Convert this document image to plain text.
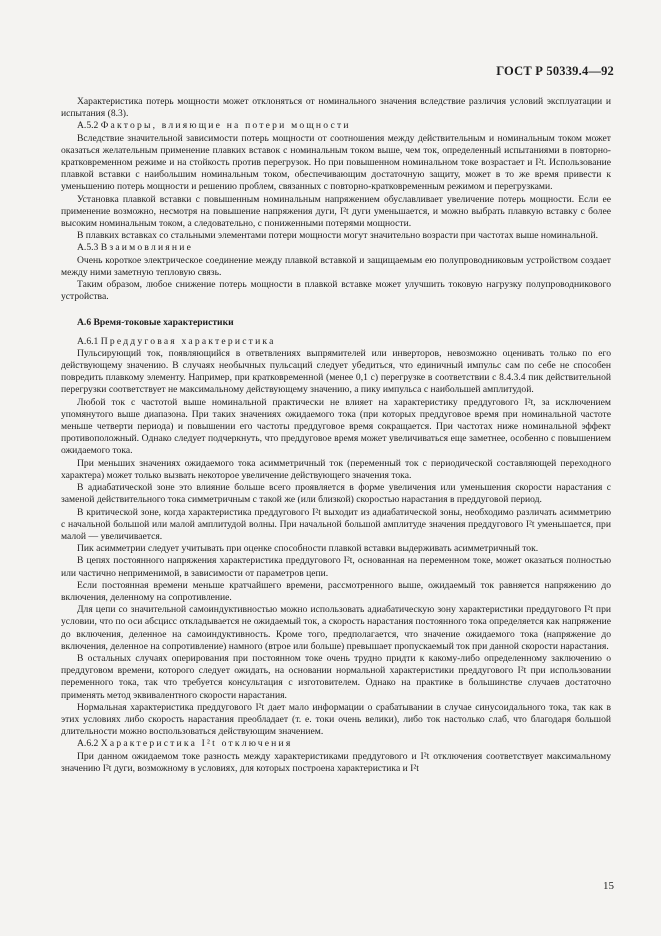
ГОСТ Р 50339.4—92

Характеристика потерь мощности может отклоняться от номинального значения вследствие различия условий эксплуатации и испытания (8.3).

А.5.2 Факторы, влияющие на потери мощности

Вследствие значительной зависимости потерь мощности от соотношения между действительным и номинальным током может оказаться желательным применение плавких вставок с номинальным током выше, чем ток, определенный испытаниями в повторно-кратковременном режиме и на стойкость против перегрузок. Но при повышенном номинальном токе возрастает и I²t. Использование плавкой вставки с наибольшим номинальным током, обеспечивающим достаточную защиту, может в то же время привести к уменьшению потерь мощности и решению проблем, связанных с повторно-кратковременным режимом и перегрузками.

Установка плавкой вставки с повышенным номинальным напряжением обуславливает увеличение потерь мощности. Если ее применение возможно, несмотря на повышение напряжения дуги, I²t дуги уменьшается, и можно выбрать плавкую вставку с более высоким номинальным током, а следовательно, с пониженными потерями мощности.

В плавких вставках со стальными элементами потери мощности могут значительно возрасти при частотах выше номинальной.

А.5.3 Взаимовлияние

Очень короткое электрическое соединение между плавкой вставкой и защищаемым ею полупроводниковым устройством создает между ними заметную тепловую связь.

Таким образом, любое снижение потерь мощности в плавкой вставке может улучшить токовую нагрузку полупроводникового устройства.

А.6 Время-токовые характеристики

А.6.1 Преддуговая характеристика

Пульсирующий ток, появляющийся в ответвлениях выпрямителей или инверторов, невозможно оценивать только по его действующему значению. В случаях необычных пульсаций следует убедиться, что единичный импульс сам по себе не способен повредить плавкому элементу. Например, при кратковременной (менее 0,1 с) перегрузке в соответствии с 8.4.3.4 пик действительной перегрузки соответствует не максимальному действующему значению, а пику импульса с наибольшей амплитудой.

Любой ток с частотой выше номинальной практически не влияет на характеристику преддугового I²t, за исключением упомянутого выше диапазона. При таких значениях ожидаемого тока (при которых преддуговое время при номинальной частоте меньше четверти периода) и повышении его частоты преддуговое время сокращается. При частотах ниже номинальной эффект противоположный. Однако следует подчеркнуть, что преддуговое время может увеличиваться еще заметнее, особенно с повышением ожидаемого тока.

При меньших значениях ожидаемого тока асимметричный ток (переменный ток с периодической составляющей переходного характера) может только вызвать некоторое увеличение действующего значения тока.

В адиабатической зоне это влияние больше всего проявляется в форме увеличения или уменьшения скорости нарастания с заменой действительного тока симметричным с такой же (или близкой) скоростью нарастания в преддуговой период.

В критической зоне, когда характеристика преддугового I²t выходит из адиабатической зоны, необходимо различать асимметрию с начальной большой или малой амплитудой волны. При начальной большой амплитуде значения преддугового I²t уменьшается, при малой — увеличивается.

Пик асимметрии следует учитывать при оценке способности плавкой вставки выдерживать асимметричный ток.

В цепях постоянного напряжения характеристика преддугового I²t, основанная на переменном токе, может оказаться полностью или частично неприменимой, в зависимости от параметров цепи.

Если постоянная времени меньше кратчайшего времени, рассмотренного выше, ожидаемый ток равняется напряжению до включения, деленному на сопротивление.

Для цепи со значительной самоиндуктивностью можно использовать адиабатическую зону характеристики преддугового I²t при условии, что по оси абсцисс откладывается не ожидаемый ток, а скорость нарастания постоянного тока определяется как напряжение до включения, деленное на самоиндуктивность. Кроме того, предполагается, что значение ожидаемого тока (напряжение до включения, деленное на сопротивление) намного (втрое или больше) превышает пропускаемый ток при данной скорости нарастания.

В остальных случаях оперирования при постоянном токе очень трудно придти к какому-либо определенному заключению о преддуговом времени, которого следует ожидать, на основании нормальной характеристики преддугового I²t при использовании переменного тока, так что требуется консультация с изготовителем. Однако на практике в большинстве случаев достаточно применять метод эквивалентного скорости нарастания.

Нормальная характеристика преддугового I²t дает мало информации о срабатывании в случае синусоидального тока, так как в этих условиях либо скорость нарастания преобладает (т. е. токи очень велики), либо ток настолько слаб, что благодаря большой длительности можно воспользоваться действующим значением.

А.6.2 Характеристика I²t отключения

При данном ожидаемом токе разность между характеристиками преддугового и I²t отключения соответствует максимальному значению I²t дуги, возможному в условиях, для которых построена характеристика и I²t

15
